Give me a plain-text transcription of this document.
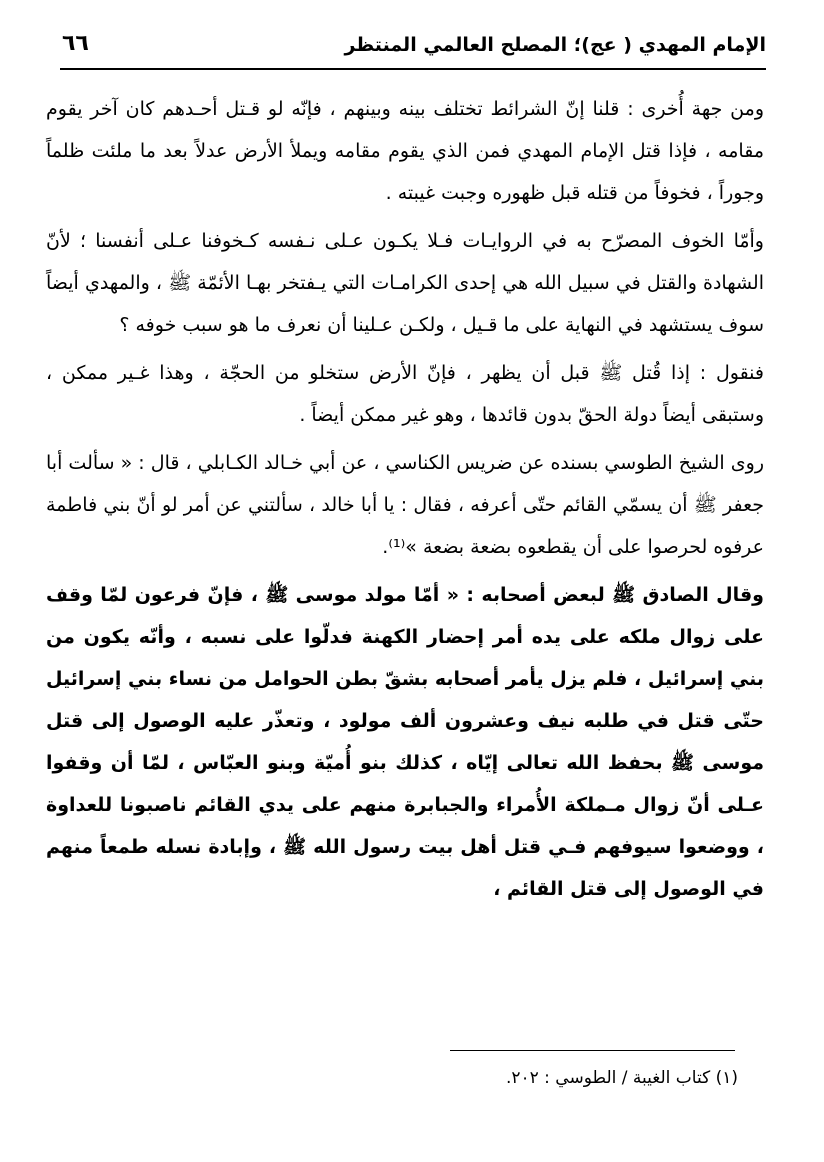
الإمام المهدي ( عج)؛ المصلح العالمي المنتظر
٦٦

ومن جهة أُخرى : قلنا إنّ الشرائط تختلف بينه وبينهم ، فإنّه لو قـتل أحـدهم كان آخر يقوم مقامه ، فإذا قتل الإمام المهدي فمن الذي يقوم مقامه ويملأ الأرض عدلاً بعد ما ملئت ظلماً وجوراً ، فخوفاً من قتله قبل ظهوره وجبت غيبته .

وأمّا الخوف المصرّح به في الروايـات فـلا يكـون عـلى نـفسه كـخوفنا عـلى أنفسنا ؛ لأنّ الشهادة والقتل في سبيل الله هي إحدى الكرامـات التي يـفتخر بهـا الأئمّة ﷺ ، والمهدي أيضاً سوف يستشهد في النهاية على ما قـيل ، ولكـن عـلينا أن نعرف ما هو سبب خوفه ؟

فنقول : إذا قُتل ﷺ قبل أن يظهر ، فإنّ الأرض ستخلو من الحجّة ، وهذا غـير ممكن ، وستبقى أيضاً دولة الحقّ بدون قائدها ، وهو غير ممكن أيضاً .

روى الشيخ الطوسي بسنده عن ضريس الكناسي ، عن أبي خـالد الكـابلي ، قال : « سألت أبا جعفر ﷺ أن يسمّي القائم حتّى أعرفه ، فقال : يا أبا خالد ، سألتني عن أمر لو أنّ بني فاطمة عرفوه لحرصوا على أن يقطعوه بضعة بضعة »⁽¹⁾.

وقال الصادق ﷺ لبعض أصحابه : « أمّا مولد موسى ﷺ ، فإنّ فرعون لمّا وقف على زوال ملكه على يده أمر إحضار الكهنة فدلّوا على نسبه ، وأنّه يكون من بني إسرائيل ، فلم يزل يأمر أصحابه بشقّ بطن الحوامل من نساء بني إسرائيل حتّى قتل في طلبه نيف وعشرون ألف مولود ، وتعذّر عليه الوصول إلى قتل موسى ﷺ بحفظ الله تعالى إيّاه ، كذلك بنو أُميّة وبنو العبّاس ، لمّا أن وقفوا عـلى أنّ زوال مـملكة الأُمراء والجبابرة منهم على يدي القائم ناصبونا للعداوة ، ووضعوا سيوفهم فـي قتل أهل بيت رسول الله ﷺ ، وإبادة نسله طمعاً منهم في الوصول إلى قتل القائم ،

(١) كتاب الغيبة / الطوسي : ٢٠٢.
